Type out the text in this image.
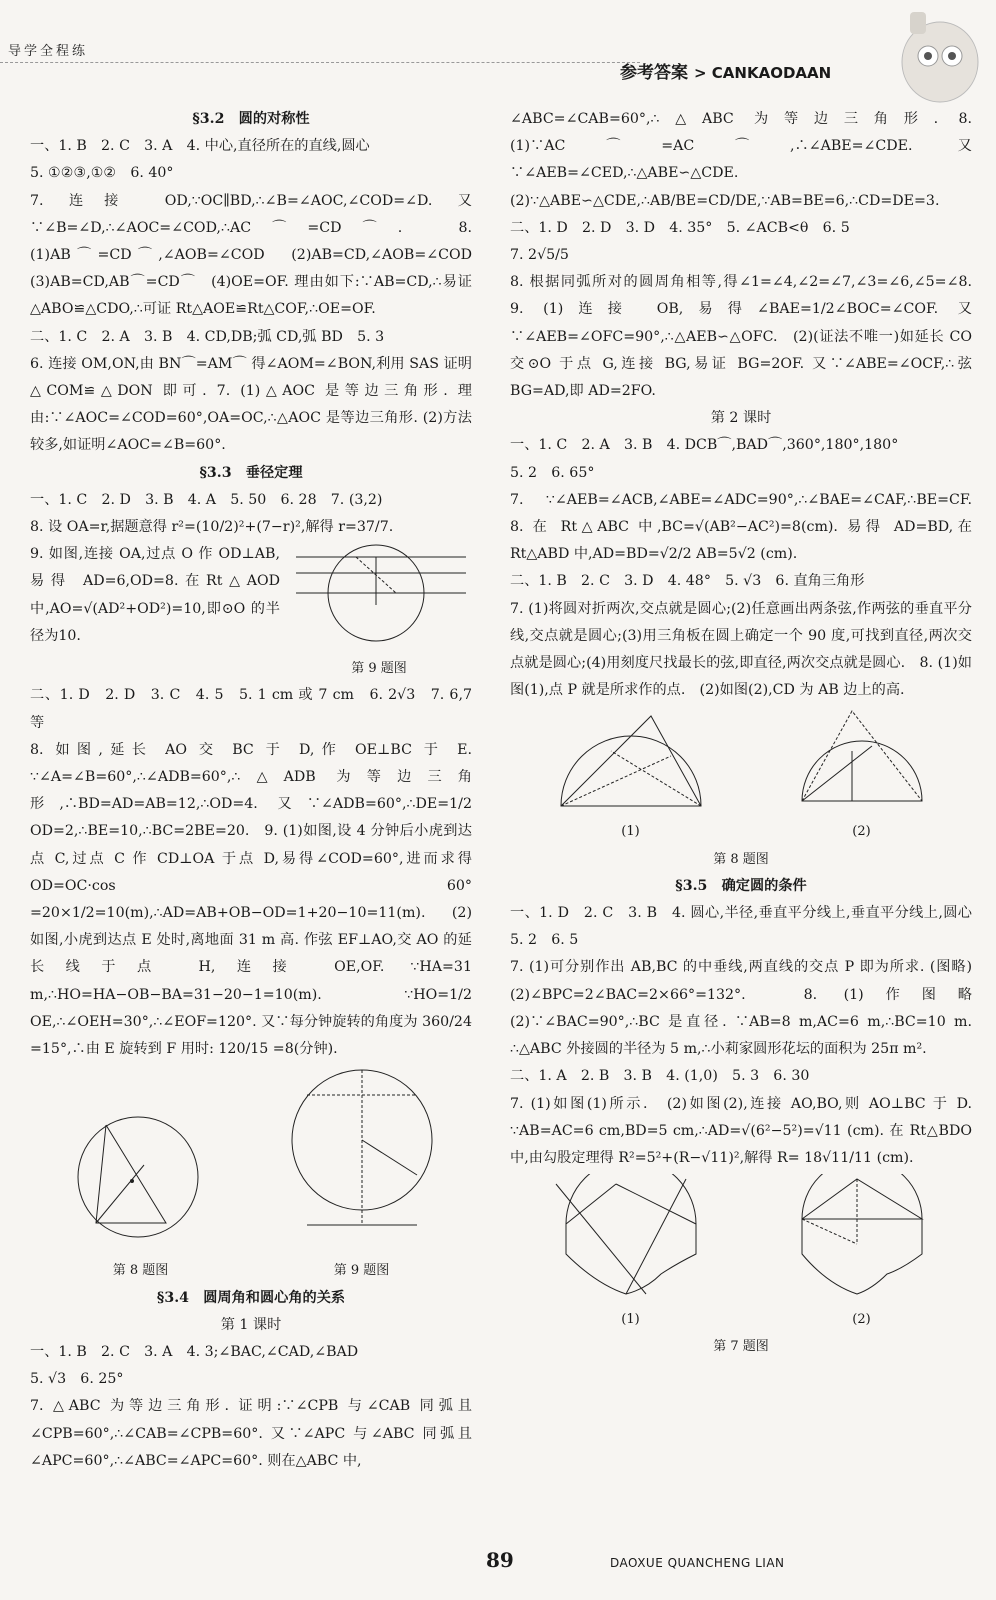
导学全程练
参考答案 > CANKAODAAN

§3.2　圆的对称性

一、1. B　2. C　3. A　4. 中心,直径所在的直线,圆心

5. ①②③,①②　6. 40°

7. 连接 OD,∵OC∥BD,∴∠B=∠AOC,∠COD=∠D. 又∵∠B=∠D,∴∠AOC=∠COD,∴AC⌒=CD⌒.　8. (1)AB⌒=CD⌒,∠AOB=∠COD　(2)AB=CD,∠AOB=∠COD　(3)AB=CD,AB⌒=CD⌒　(4)OE=OF. 理由如下:∵AB=CD,∴易证△ABO≌△CDO,∴可证 Rt△AOE≌Rt△COF,∴OE=OF.

二、1. C　2. A　3. B　4. CD,DB;弧 CD,弧 BD　5. 3

6. 连接 OM,ON,由 BN⌒=AM⌒ 得∠AOM=∠BON,利用 SAS 证明△COM≌△DON 即可. 7. (1)△AOC 是等边三角形. 理由:∵∠AOC=∠COD=60°,OA=OC,∴△AOC 是等边三角形. (2)方法较多,如证明∠AOC=∠B=60°.

§3.3　垂径定理

一、1. C　2. D　3. B　4. A　5. 50　6. 28　7. (3,2)

8. 设 OA=r,据题意得 r²=(10/2)²+(7−r)²,解得 r=37/7.

9. 如图,连接 OA,过点 O 作 OD⊥AB,易得 AD=6,OD=8.在Rt△AOD 中,AO=√(AD²+OD²)=10,即⊙O 的半径为10.

第 9 题图

二、1. D　2. D　3. C　4. 5　5. 1 cm 或 7 cm　6. 2√3　7. 6,7 等

8. 如图,延长 AO 交 BC 于 D,作 OE⊥BC 于 E. ∵∠A=∠B=60°,∴∠ADB=60°,∴△ADB 为等边三角形,∴BD=AD=AB=12,∴OD=4. 又∵∠ADB=60°,∴DE=1/2 OD=2,∴BE=10,∴BC=2BE=20.　9. (1)如图,设 4 分钟后小虎到达点 C,过点 C 作 CD⊥OA 于点 D,易得∠COD=60°,进而求得 OD=OC·cos 60° =20×1/2=10(m),∴AD=AB+OB−OD=1+20−10=11(m).　(2)如图,小虎到达点 E 处时,离地面 31 m 高. 作弦 EF⊥AO,交 AO 的延长线于点 H,连接 OE,OF. ∵HA=31 m,∴HO=HA−OB−BA=31−20−1=10(m). ∵HO=1/2 OE,∴∠OEH=30°,∴∠EOF=120°. 又∵每分钟旋转的角度为 360/24 =15°,∴由 E 旋转到 F 用时: 120/15 =8(分钟).

第 8 题图	第 9 题图

§3.4　圆周角和圆心角的关系

第 1 课时

一、1. B　2. C　3. A　4. 3;∠BAC,∠CAD,∠BAD

5. √3　6. 25°

7. △ABC 为等边三角形. 证明:∵∠CPB 与∠CAB 同弧且∠CPB=60°,∴∠CAB=∠CPB=60°. 又∵∠APC 与∠ABC 同弧且∠APC=60°,∴∠ABC=∠APC=60°. 则在△ABC 中,

∠ABC=∠CAB=60°,∴△ABC 为等边三角形. 8. (1)∵AC⌒=AC⌒,∴∠ABE=∠CDE. 又∵∠AEB=∠CED,∴△ABE∽△CDE.

(2)∵△ABE∽△CDE,∴AB/BE=CD/DE,∵AB=BE=6,∴CD=DE=3.

二、1. D　2. D　3. D　4. 35°　5. ∠ACB<θ　6. 5

7. 2√5/5

8. 根据同弧所对的圆周角相等,得∠1=∠4,∠2=∠7,∠3=∠6,∠5=∠8.　9. (1)连接 OB,易得∠BAE=1/2∠BOC=∠COF. 又∵∠AEB=∠OFC=90°,∴△AEB∽△OFC.　(2)(证法不唯一)如延长 CO 交⊙O 于点 G,连接 BG,易证 BG=2OF. 又∵∠ABE=∠OCF,∴弦 BG=AD,即 AD=2FO.

第 2 课时

一、1. C　2. A　3. B　4. DCB⌒,BAD⌒,360°,180°,180°

5. 2　6. 65°

7. ∵∠AEB=∠ACB,∠ABE=∠ADC=90°,∴∠BAE=∠CAF,∴BE=CF.　8. 在 Rt△ABC 中,BC=√(AB²−AC²)=8(cm). 易得 AD=BD,在 Rt△ABD 中,AD=BD=√2/2 AB=5√2 (cm).

二、1. B　2. C　3. D　4. 48°　5. √3　6. 直角三角形

7. (1)将圆对折两次,交点就是圆心;(2)任意画出两条弦,作两弦的垂直平分线,交点就是圆心;(3)用三角板在圆上确定一个 90 度,可找到直径,两次交点就是圆心;(4)用刻度尺找最长的弦,即直径,两次交点就是圆心.　8. (1)如图(1),点 P 就是所求作的点.　(2)如图(2),CD 为 AB 边上的高.

(1)	(2)
第 8 题图

§3.5　确定圆的条件

一、1. D　2. C　3. B　4. 圆心,半径,垂直平分线上,垂直平分线上,圆心　5. 2　6. 5

7. (1)可分别作出 AB,BC 的中垂线,两直线的交点 P 即为所求. (图略)　(2)∠BPC=2∠BAC=2×66°=132°.　8. (1)作图略　(2)∵∠BAC=90°,∴BC 是直径. ∵AB=8 m,AC=6 m,∴BC=10 m. ∴△ABC 外接圆的半径为 5 m,∴小莉家圆形花坛的面积为 25π m².

二、1. A　2. B　3. B　4. (1,0)　5. 3　6. 30

7. (1)如图(1)所示.　(2)如图(2),连接 AO,BO,则 AO⊥BC 于 D. ∵AB=AC=6 cm,BD=5 cm,∴AD=√(6²−5²)=√11 (cm). 在 Rt△BDO 中,由勾股定理得 R²=5²+(R−√11)²,解得 R= 18√11/11 (cm).

(1)	(2)
第 7 题图
89	DAOXUE QUANCHENG LIAN
